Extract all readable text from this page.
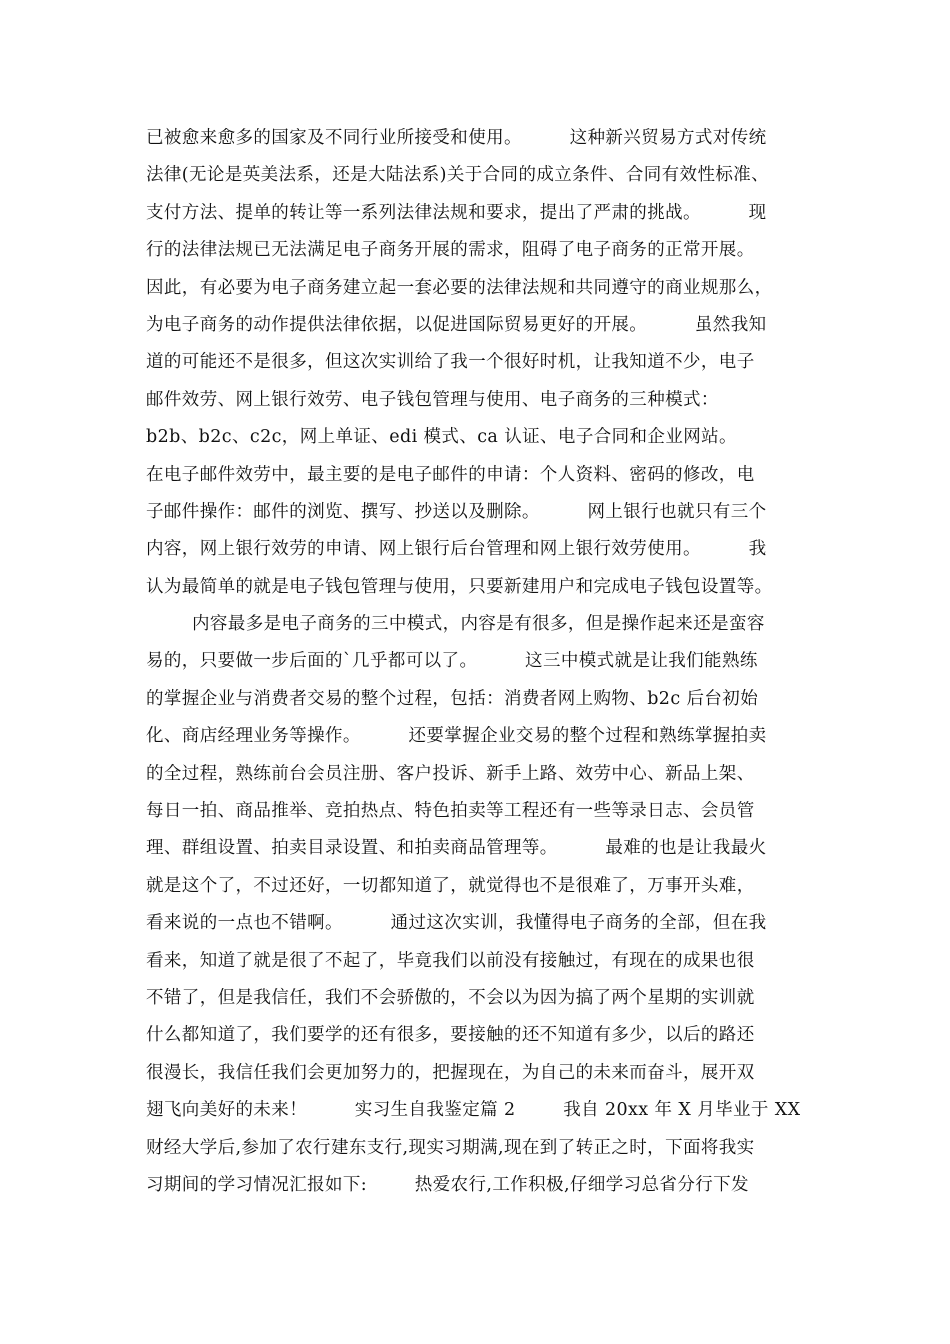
已被愈来愈多的国家及不同行业所接受和使用。        这种新兴贸易方式对传统
法律(无论是英美法系，还是大陆法系)关于合同的成立条件、合同有效性标准、
支付方法、提单的转让等一系列法律法规和要求，提出了严肃的挑战。        现
行的法律法规已无法满足电子商务开展的需求，阻碍了电子商务的正常开展。
因此，有必要为电子商务建立起一套必要的法律法规和共同遵守的商业规那么，
为电子商务的动作提供法律依据，以促进国际贸易更好的开展。        虽然我知
道的可能还不是很多，但这次实训给了我一个很好时机，让我知道不少，电子
邮件效劳、网上银行效劳、电子钱包管理与使用、电子商务的三种模式：
b2b、b2c、c2c，网上单证、edi 模式、ca 认证、电子合同和企业网站。
在电子邮件效劳中，最主要的是电子邮件的申请：个人资料、密码的修改，电
子邮件操作：邮件的浏览、撰写、抄送以及删除。        网上银行也就只有三个
内容，网上银行效劳的申请、网上银行后台管理和网上银行效劳使用。        我
认为最简单的就是电子钱包管理与使用，只要新建用户和完成电子钱包设置等。
内容最多是电子商务的三中模式，内容是有很多，但是操作起来还是蛮容
易的，只要做一步后面的`几乎都可以了。        这三中模式就是让我们能熟练
的掌握企业与消费者交易的整个过程，包括：消费者网上购物、b2c 后台初始
化、商店经理业务等操作。        还要掌握企业交易的整个过程和熟练掌握拍卖
的全过程，熟练前台会员注册、客户投诉、新手上路、效劳中心、新品上架、
每日一拍、商品推举、竞拍热点、特色拍卖等工程还有一些等录日志、会员管
理、群组设置、拍卖目录设置、和拍卖商品管理等。        最难的也是让我最火
就是这个了，不过还好，一切都知道了，就觉得也不是很难了，万事开头难，
看来说的一点也不错啊。        通过这次实训，我懂得电子商务的全部，但在我
看来，知道了就是很了不起了，毕竟我们以前没有接触过，有现在的成果也很
不错了，但是我信任，我们不会骄傲的，不会以为因为搞了两个星期的实训就
什么都知道了，我们要学的还有很多，要接触的还不知道有多少，以后的路还
很漫长，我信任我们会更加努力的，把握现在，为自己的未来而奋斗，展开双
翅飞向美好的未来！        实习生自我鉴定篇 2        我自 20xx 年 X 月毕业于 XX
财经大学后,参加了农行建东支行,现实习期满,现在到了转正之时，下面将我实
习期间的学习情况汇报如下:        热爱农行,工作积极,仔细学习总省分行下发
